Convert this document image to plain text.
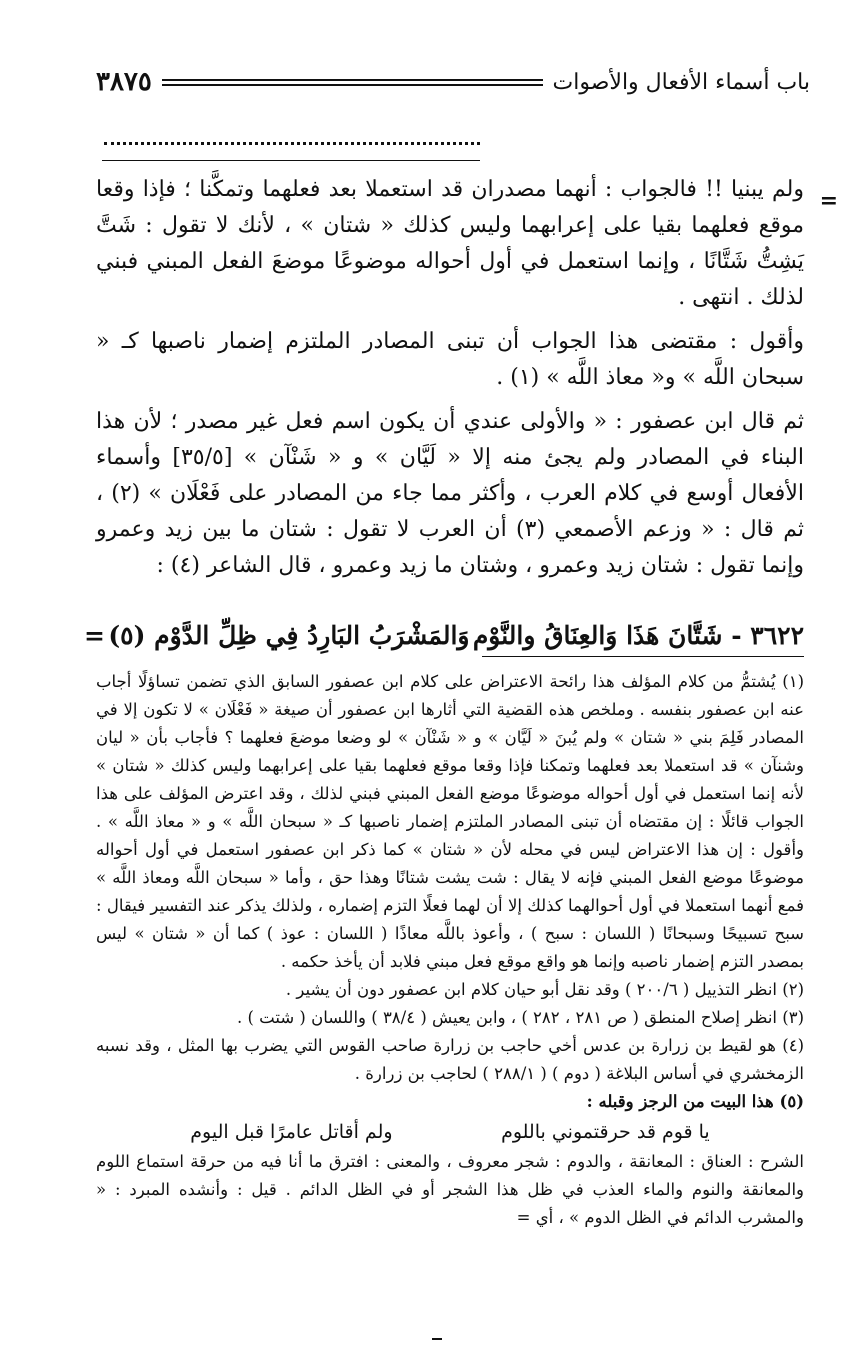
باب أسماء الأفعال والأصوات
٣٨٧٥
=

ولم يبنيا !! فالجواب : أنهما مصدران قد استعملا بعد فعلهما وتمكَّنا ؛ فإذا وقعا موقع فعلهما بقيا على إعرابهما وليس كذلك « شتان » ، لأنك لا تقول : شَتَّ يَشِتُّ شَتَّانًا ، وإنما استعمل في أول أحواله موضوعًا موضعَ الفعل المبني فبني لذلك . انتهى .

وأقول : مقتضى هذا الجواب أن تبنى المصادر الملتزم إضمار ناصبها كـ « سبحان اللَّه » و« معاذ اللَّه » (١) .

ثم قال ابن عصفور : « والأولى عندي أن يكون اسم فعل غير مصدر ؛ لأن هذا البناء في المصادر ولم يجئ منه إلا « لَيَّان » و « شَنْآن » [٣٥/٥] وأسماء الأفعال أوسع في كلام العرب ، وأكثر مما جاء من المصادر على فَعْلَان » (٢) ، ثم قال : « وزعم الأصمعي (٣) أن العرب لا تقول : شتان ما بين زيد وعمرو وإنما تقول : شتان زيد وعمرو ، وشتان ما زيد وعمرو ، قال الشاعر (٤) :

٣٦٢٢ - شَتَّانَ هَذَا وَالعِنَاقُ والنَّوْم
وَالمَشْرَبُ البَارِدُ فِي ظِلِّ الدَّوْم (٥)
=

(١) يُشتمُّ من كلام المؤلف هذا رائحة الاعتراض على كلام ابن عصفور السابق الذي تضمن تساؤلًا أجاب عنه ابن عصفور بنفسه . وملخص هذه القضية التي أثارها ابن عصفور أن صيغة « فَعْلَان » لا تكون إلا في المصادر فَلِمَ بني « شتان » ولم يُبنَ « لَيَّان » و « شَنْآن » لو وضعا موضعَ فعلهما ؟ فأجاب بأن « ليان وشنآن » قد استعملا بعد فعلهما وتمكنا فإذا وقعا موقع فعلهما بقيا على إعرابهما وليس كذلك « شتان » لأنه إنما استعمل في أول أحواله موضوعًا موضع الفعل المبني فبني لذلك ، وقد اعترض المؤلف على هذا الجواب قائلًا : إن مقتضاه أن تبنى المصادر الملتزم إضمار ناصبها كـ « سبحان اللَّه » و « معاذ اللَّه » . وأقول : إن هذا الاعتراض ليس في محله لأن « شتان » كما ذكر ابن عصفور استعمل في أول أحواله موضوعًا موضع الفعل المبني فإنه لا يقال : شت يشت شتانًا وهذا حق ، وأما « سبحان اللَّه ومعاذ اللَّه » فمع أنهما استعملا في أول أحوالهما كذلك إلا أن لهما فعلًا التزم إضماره ، ولذلك يذكر عند التفسير فيقال : سبح تسبيحًا وسبحانًا ( اللسان : سبح ) ، وأعوذ باللَّه معاذًا ( اللسان : عوذ ) كما أن « شتان » ليس بمصدر التزم إضمار ناصبه وإنما هو واقع موقع فعل مبني فلابد أن يأخذ حكمه .

(٢) انظر التذييل ( ٢٠٠/٦ ) وقد نقل أبو حيان كلام ابن عصفور دون أن يشير .

(٣) انظر إصلاح المنطق ( ص ٢٨١ ، ٢٨٢ ) ، وابن يعيش ( ٣٨/٤ ) واللسان ( شتت ) .

(٤) هو لقيط بن زرارة بن عدس أخي حاجب بن زرارة صاحب القوس التي يضرب بها المثل ، وقد نسبه الزمخشري في أساس البلاغة ( دوم ) ( ٢٨٨/١ ) لحاجب بن زرارة .

(٥) هذا البيت من الرجز وقبله :

يا قوم قد حرقتموني باللوم
ولم أقاتل عامرًا قبل اليوم

الشرح : العناق : المعانقة ، والدوم : شجر معروف ، والمعنى : افترق ما أنا فيه من حرقة استماع اللوم والمعانقة والنوم والماء العذب في ظل هذا الشجر أو في الظل الدائم . قيل : وأنشده المبرد : « والمشرب الدائم في الظل الدوم » ، أي =
